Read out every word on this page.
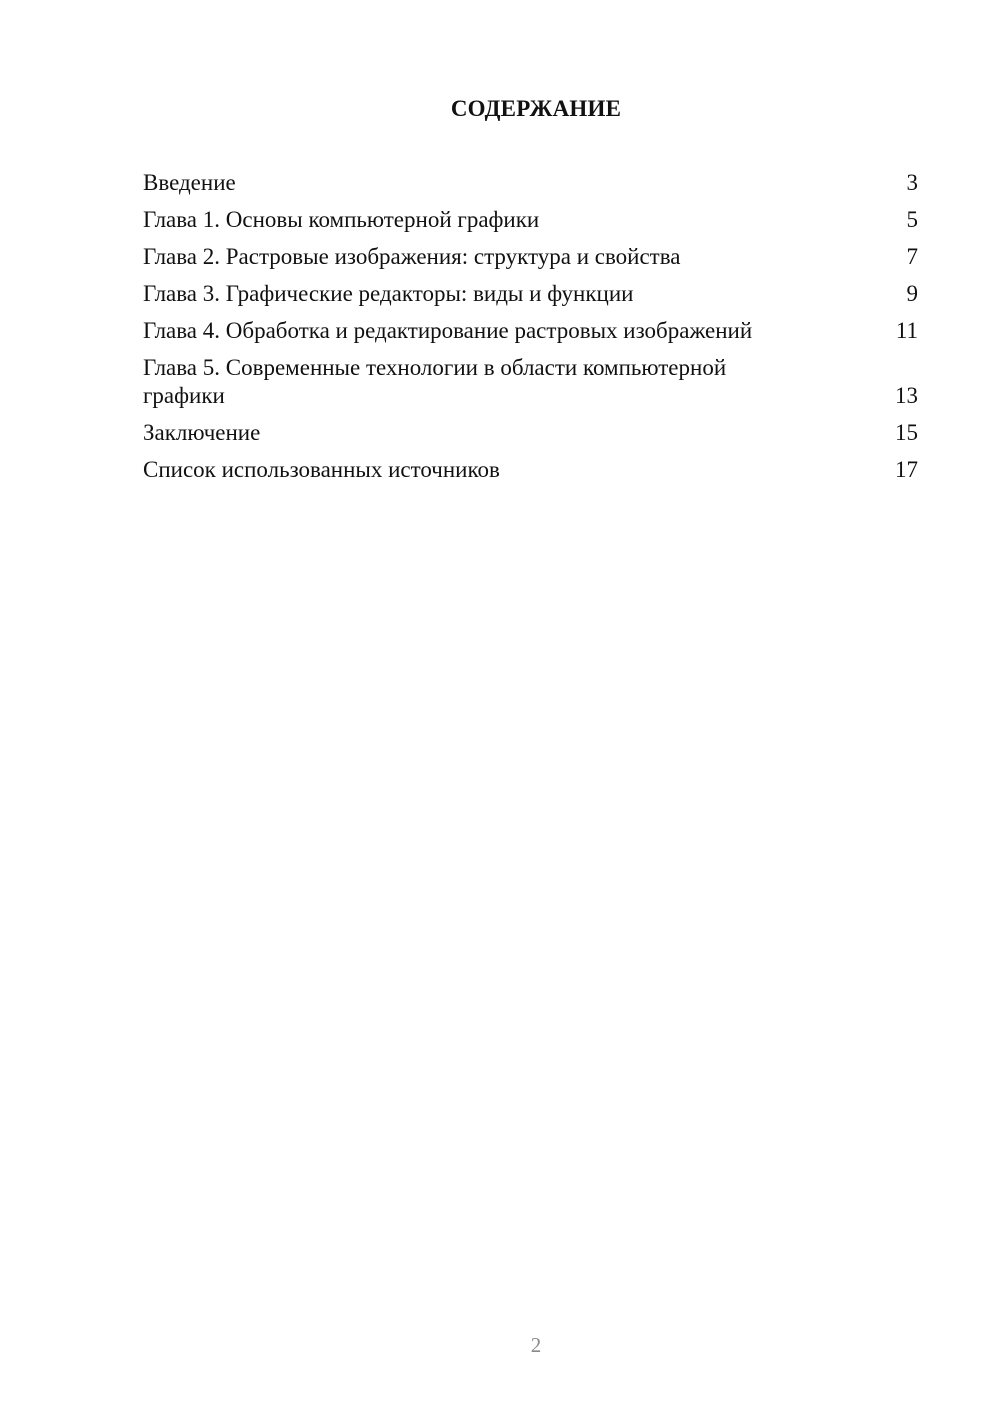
СОДЕРЖАНИЕ
Введение	3
Глава 1. Основы компьютерной графики	5
Глава 2. Растровые изображения: структура и свойства	7
Глава 3. Графические редакторы: виды и функции	9
Глава 4. Обработка и редактирование растровых изображений	11
Глава 5. Современные технологии в области компьютерной графики	13
Заключение	15
Список использованных источников	17
2
